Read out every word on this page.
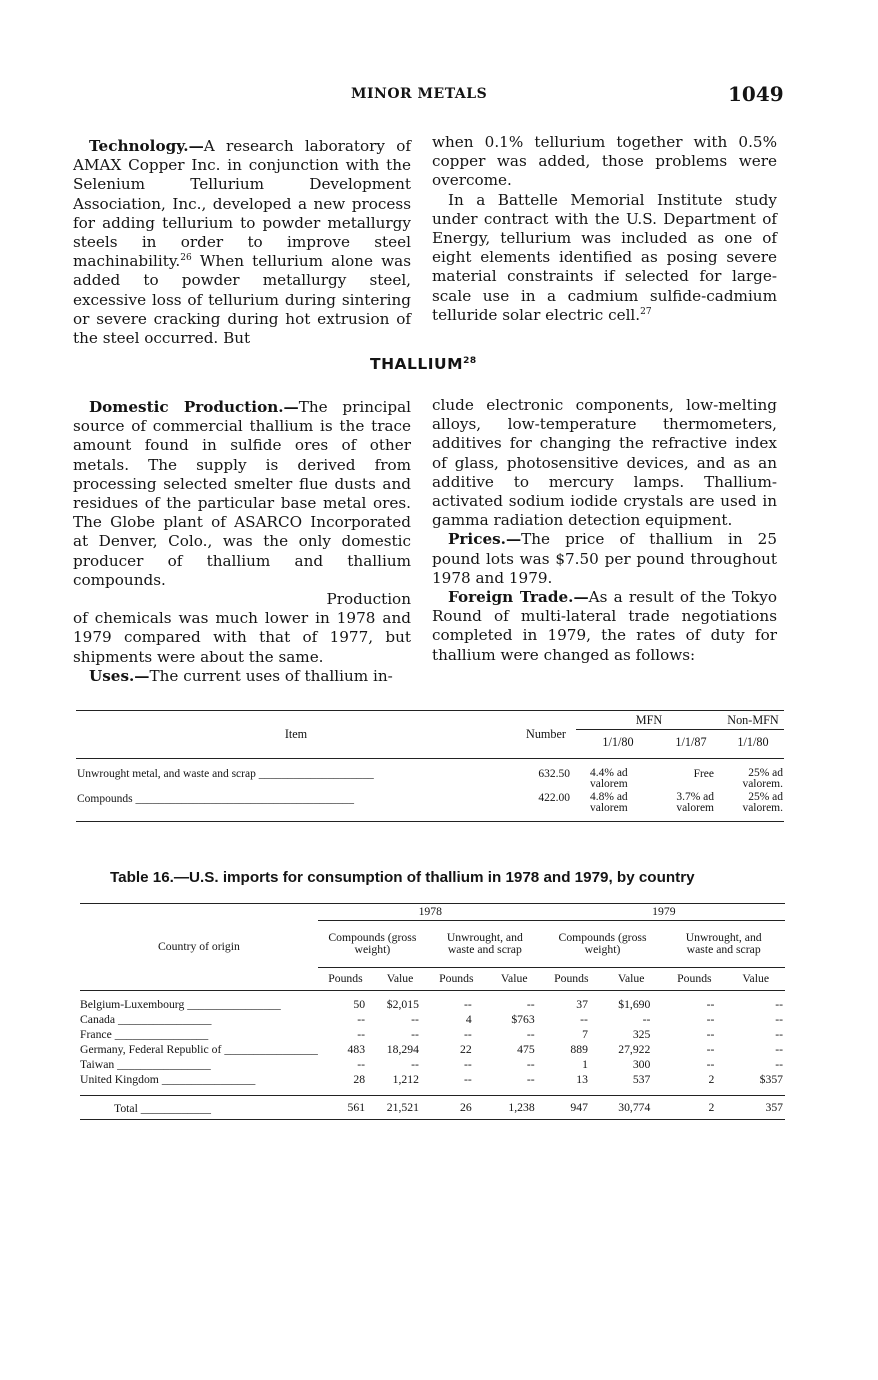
MINOR METALS	1049

Technology.—A research laboratory of AMAX Copper Inc. in conjunction with the Selenium Tellurium Development Association, Inc., developed a new process for adding tellurium to powder metallurgy steels in order to improve steel machinability.$^{26}$ When tellurium alone was added to powder metallurgy steel, excessive loss of tellurium during sintering or severe cracking during hot extrusion of the steel occurred. But

when 0.1% tellurium together with 0.5% copper was added, those problems were overcome.

In a Battelle Memorial Institute study under contract with the U.S. Department of Energy, tellurium was included as one of eight elements identified as posing severe material constraints if selected for large-scale use in a cadmium sulfide-cadmium telluride solar electric cell.$^{27}$

THALLIUM$^{28}$

Domestic Production.—The principal source of commercial thallium is the trace amount found in sulfide ores of other metals. The supply is derived from processing selected smelter flue dusts and residues of the particular base metal ores. The Globe plant of ASARCO Incorporated at Denver, Colo., was the only domestic producer of thallium and thallium compounds.

Production

of chemicals was much lower in 1978 and 1979 compared with that of 1977, but shipments were about the same.

Uses.—The current uses of thallium in-

clude electronic components, low-melting alloys, low-temperature thermometers, additives for changing the refractive index of glass, photosensitive devices, and as an additive to mercury lamps. Thallium-activated sodium iodide crystals are used in gamma radiation detection equipment.

Prices.—The price of thallium in 25 pound lots was $7.50 per pound throughout 1978 and 1979.

Foreign Trade.—As a result of the Tokyo Round of multi-lateral trade negotiations completed in 1979, the rates of duty for thallium were changed as follows:

Item	Number	MFN		Non-MFN
		1/1/80	1/1/87	1/1/80

Unwrought metal, and waste and scrap ____________________	632.50	4.4% ad valorem	Free	25% ad valorem.
Compounds ______________________________________	422.00	4.8% ad valorem	3.7% ad valorem	25% ad valorem.
Table 16.—U.S. imports for consumption of thallium in 1978 and 1979, by country
Country of origin	1978				1979			
	Compounds (gross weight)		Unwrought, and waste and scrap		Compounds (gross weight)		Unwrought, and waste and scrap	
	Pounds	Value	Pounds	Value	Pounds	Value	Pounds	Value

Belgium-Luxembourg ________________	50	$2,015	--	--	37	$1,690	--	--
Canada ________________	--	--	4	$763	--	--	--	--
France ________________	--	--	--	--	7	325	--	--
Germany, Federal Republic of ________________	483	18,294	22	475	889	27,922	--	--
Taiwan ________________	--	--	--	--	1	300	--	--
United Kingdom ________________	28	1,212	--	--	13	537	2	$357

Total ____________	561	21,521	26	1,238	947	30,774	2	357
